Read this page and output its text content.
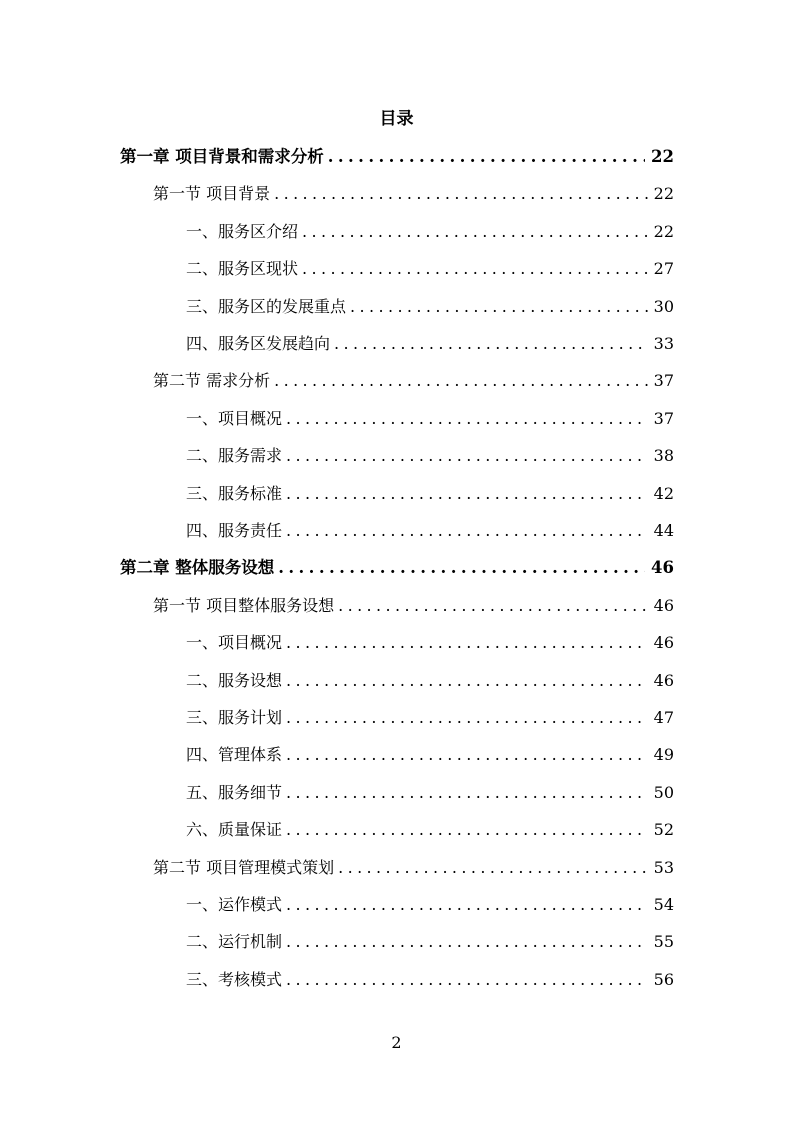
目录
第一章 项目背景和需求分析 .....	22
第一节 项目背景 .....	22
一、服务区介绍 .....	22
二、服务区现状 .....	27
三、服务区的发展重点 .....	30
四、服务区发展趋向 .....	33
第二节 需求分析 .....	37
一、项目概况 .....	37
二、服务需求 .....	38
三、服务标准 .....	42
四、服务责任 .....	44
第二章 整体服务设想 .....	46
第一节 项目整体服务设想 .....	46
一、项目概况 .....	46
二、服务设想 .....	46
三、服务计划 .....	47
四、管理体系 .....	49
五、服务细节 .....	50
六、质量保证 .....	52
第二节 项目管理模式策划 .....	53
一、运作模式 .....	54
二、运行机制 .....	55
三、考核模式 .....	56
2
